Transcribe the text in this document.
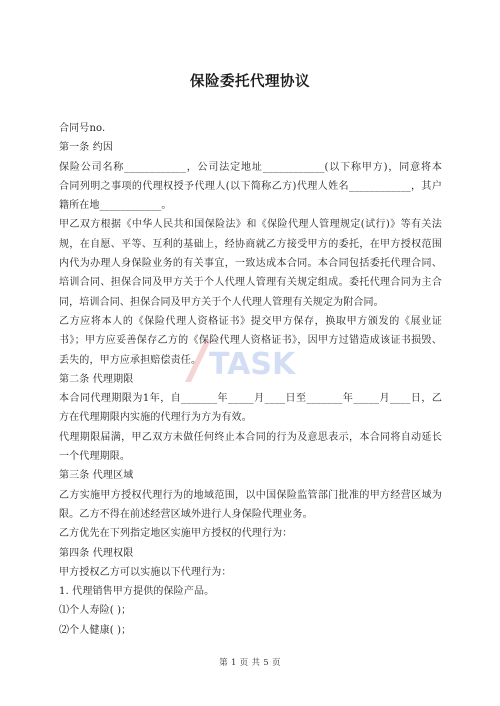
保险委托代理协议
合同号no.
第一条 约因
保险公司名称____________，公司法定地址____________(以下称甲方)，同意将本
合同列明之事项的代理权授予代理人(以下简称乙方)代理人姓名____________，其户
籍所在地____________。
甲乙双方根据《中华人民共和国保险法》和《保险代理人管理规定(试行)》等有关法
规，在自愿、平等、互利的基础上，经协商就乙方接受甲方的委托，在甲方授权范围
内代为办理人身保险业务的有关事宜，一致达成本合同。本合同包括委托代理合同、
培训合同、担保合同及甲方关于个人代理人管理有关规定组成。委托代理合同为主合
同，培训合同、担保合同及甲方关于个人代理人管理有关规定为附合同。
乙方应将本人的《保险代理人资格证书》提交甲方保存，换取甲方颁发的《展业证
书》；甲方应妥善保存乙方的《保险代理人资格证书》，因甲方过错造成该证书损毁、
丢失的，甲方应承担赔偿责任。
第二条 代理期限
本合同代理期限为1年，自_______年_____月____日至_______年_____月____日，乙
方在代理期限内实施的代理行为方为有效。
代理期限届满，甲乙双方未做任何终止本合同的行为及意思表示，本合同将自动延长
一个代理期限。
第三条 代理区域
乙方实施甲方授权代理行为的地域范围，以中国保险监管部门批准的甲方经营区域为
限。乙方不得在前述经营区域外进行人身保险代理业务。
乙方优先在下列指定地区实施甲方授权的代理行为：
第四条 代理权限
甲方授权乙方可以实施以下代理行为：
1. 代理销售甲方提供的保险产品。
⑴个人寿险( )；
⑵个人健康( )；
TASK
第 1 页 共 5 页
